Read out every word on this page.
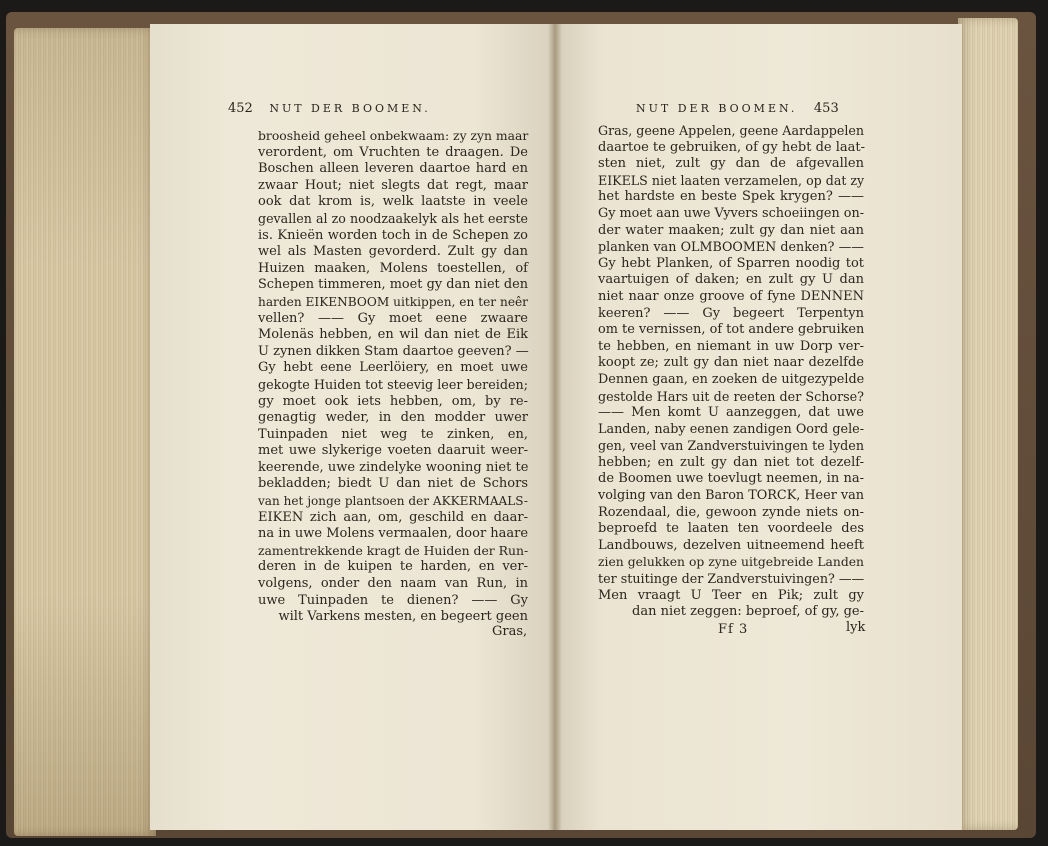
452 NUT DER BOOMEN.
broosheid geheel onbekwaam: zy zyn maar
verordent, om Vruchten te draagen. De
Boschen alleen leveren daartoe hard en
zwaar Hout; niet slegts dat regt, maar
ook dat krom is, welk laatste in veele
gevallen al zo noodzaakelyk als het eerste
is. Knieën worden toch in de Schepen zo
wel als Masten gevorderd. Zult gy dan
Huizen maaken, Molens toestellen, of
Schepen timmeren, moet gy dan niet den
harden EIKENBOOM uitkippen, en ter neêr
vellen? —— Gy moet eene zwaare
Molenäs hebben, en wil dan niet de Eik
U zynen dikken Stam daartoe geeven? —
Gy hebt eene Leerlöiery, en moet uwe
gekogte Huiden tot steevig leer bereiden;
gy moet ook iets hebben, om, by re-
genagtig weder, in den modder uwer
Tuinpaden niet weg te zinken, en,
met uwe slykerige voeten daaruit weer-
keerende, uwe zindelyke wooning niet te
bekladden; biedt U dan niet de Schors
van het jonge plantsoen der AKKERMAALS-
EIKEN zich aan, om, geschild en daar-
na in uwe Molens vermaalen, door haare
zamentrekkende kragt de Huiden der Run-
deren in de kuipen te harden, en ver-
volgens, onder den naam van Run, in
uwe Tuinpaden te dienen? —— Gy
wilt Varkens mesten, en begeert geen
Gras,
NUT DER BOOMEN. 453
Gras, geene Appelen, geene Aardappelen
daartoe te gebruiken, of gy hebt de laat-
sten niet, zult gy dan de afgevallen
EIKELS niet laaten verzamelen, op dat zy
het hardste en beste Spek krygen? ——
Gy moet aan uwe Vyvers schoeiingen on-
der water maaken; zult gy dan niet aan
planken van OLMBOOMEN denken? ——
Gy hebt Planken, of Sparren noodig tot
vaartuigen of daken; en zult gy U dan
niet naar onze groove of fyne DENNEN
keeren? —— Gy begeert Terpentyn
om te vernissen, of tot andere gebruiken
te hebben, en niemant in uw Dorp ver-
koopt ze; zult gy dan niet naar dezelfde
Dennen gaan, en zoeken de uitgezypelde
gestolde Hars uit de reeten der Schorse?
—— Men komt U aanzeggen, dat uwe
Landen, naby eenen zandigen Oord gele-
gen, veel van Zandverstuivingen te lyden
hebben; en zult gy dan niet tot dezelf-
de Boomen uwe toevlugt neemen, in na-
volging van den Baron TORCK, Heer van
Rozendaal, die, gewoon zynde niets on-
beproefd te laaten ten voordeele des
Landbouws, dezelven uitneemend heeft
zien gelukken op zyne uitgebreide Landen
ter stuitinge der Zandverstuivingen? ——
Men vraagt U Teer en Pik; zult gy
dan niet zeggen: beproef, of gy, ge-
Ff 3	lyk
